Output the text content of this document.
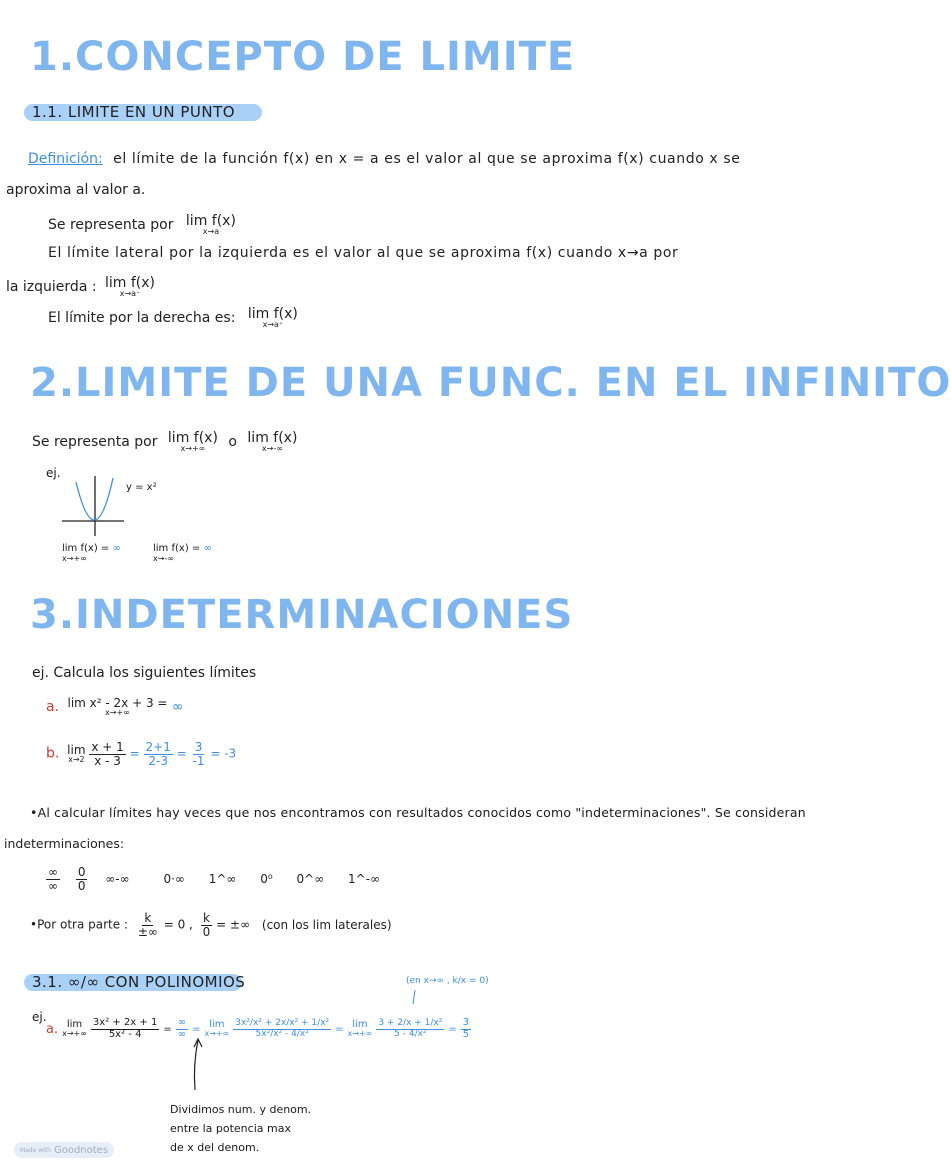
1.CONCEPTO DE LIMITE
1.1. LIMITE EN UN PUNTO
Definición: el límite de la función f(x) en x = a es el valor al que se aproxima f(x) cuando x se
aproxima al valor a.
Se representa por lim f(x)
x→a
El límite lateral por la izquierda es el valor al que se aproxima f(x) cuando x→a por
la izquierda : lim f(x)
x→a⁻
El límite por la derecha es: lim f(x)
x→a⁺
2.LIMITE DE UNA FUNC. EN EL INFINITO
Se representa por lim f(x)
x→+∞ o lim f(x)
x→-∞
ej.
y = x²
lim f(x) = ∞
x→+∞
lim f(x) = ∞
x→-∞
3.INDETERMINACIONES
ej. Calcula los siguientes límites
a. lim x² - 2x + 3 =
x→+∞	∞
b. lim
x→2
$\frac{x + 1}{x - 3} = \frac{2+1}{2-3} = \frac{3}{-1} = -3$
•Al calcular límites hay veces que nos encontramos con resultados conocidos como "indeterminaciones". Se consideran
indeterminaciones:
$\frac{\infty}{\infty}$
$\frac{0}{0}$ ∞-∞	0·∞ 1^∞ 0⁰ 0^∞ 1^-∞
•Por otra parte : $\frac{k}{\pm\infty} = 0$ , $\frac{k}{0}$ = ±∞ (con los lim laterales)
3.1. ∞/∞ CON POLINOMIOS	(en x→∞ , k/x = 0)
ej.
a. lim
$x\to+\infty \frac{\text{3x² + 2x + 1}}{\text{5x² - 4}} = \frac{\infty}{\infty} = \lim$
$x\to+\infty \frac{\text{3x²/x² + 2x/x² + 1/x²}}{\text{5x²/x² - 4/x²}} = \lim$
$x\to+\infty \frac{\text{3 + 2/x + 1/x²}}{\text{5 - 4/x²}} = \frac{3}{5}$
Dividimos num. y denom.
entre la potencia max
de x del denom.
Made with Goodnotes
